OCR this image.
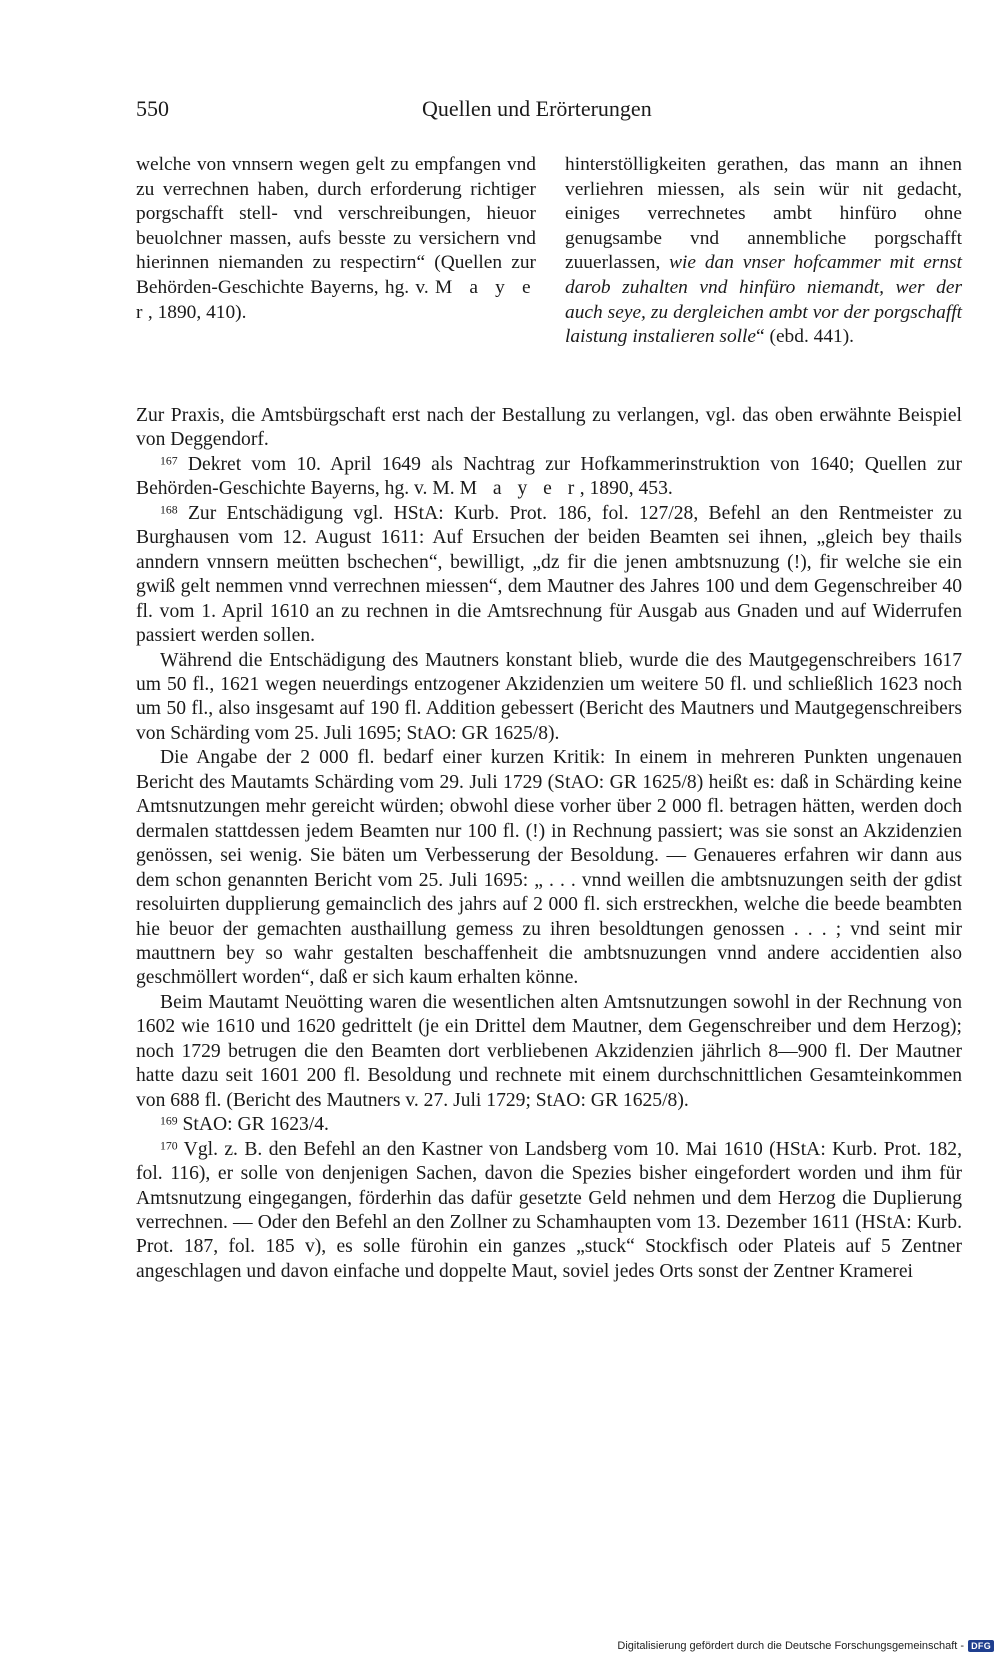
550	Quellen und Erörterungen

welche von vnnsern wegen gelt zu empfangen vnd zu verrechnen haben, durch erforderung richtiger porgschafft stell- vnd verschreibungen, hieuor beuolchner massen, aufs besste zu versichern vnd hierinnen niemanden zu respectirn“ (Quellen zur Behörden-Geschichte Bayerns, hg. v. M a y e r, 1890, 410).

hinterstölligkeiten gerathen, das mann an ihnen verliehren miessen, als sein wür nit gedacht, einiges verrechnetes ambt hinfüro ohne genugsambe vnd annembliche porgschafft zuuerlassen, wie dan vnser hofcammer mit ernst darob zuhalten vnd hinfüro niemandt, wer der auch seye, zu dergleichen ambt vor der porgschafft laistung instalieren solle“ (ebd. 441).

Zur Praxis, die Amtsbürgschaft erst nach der Bestallung zu verlangen, vgl. das oben erwähnte Beispiel von Deggendorf.

$^{167}$ Dekret vom 10. April 1649 als Nachtrag zur Hofkammerinstruktion von 1640; Quellen zur Behörden-Geschichte Bayerns, hg. v. M. M a y e r, 1890, 453.

$^{168}$ Zur Entschädigung vgl. HStA: Kurb. Prot. 186, fol. 127/28, Befehl an den Rentmeister zu Burghausen vom 12. August 1611: Auf Ersuchen der beiden Beamten sei ihnen, „gleich bey thails anndern vnnsern meütten bschechen“, bewilligt, „dz fir die jenen ambtsnuzung (!), fir welche sie ein gwiß gelt nemmen vnnd verrechnen miessen“, dem Mautner des Jahres 100 und dem Gegenschreiber 40 fl. vom 1. April 1610 an zu rechnen in die Amtsrechnung für Ausgab aus Gnaden und auf Widerrufen passiert werden sollen.

Während die Entschädigung des Mautners konstant blieb, wurde die des Mautgegenschreibers 1617 um 50 fl., 1621 wegen neuerdings entzogener Akzidenzien um weitere 50 fl. und schließlich 1623 noch um 50 fl., also insgesamt auf 190 fl. Addition gebessert (Bericht des Mautners und Mautgegenschreibers von Schärding vom 25. Juli 1695; StAO: GR 1625/8).

Die Angabe der 2 000 fl. bedarf einer kurzen Kritik: In einem in mehreren Punkten ungenauen Bericht des Mautamts Schärding vom 29. Juli 1729 (StAO: GR 1625/8) heißt es: daß in Schärding keine Amtsnutzungen mehr gereicht würden; obwohl diese vorher über 2 000 fl. betragen hätten, werden doch dermalen stattdessen jedem Beamten nur 100 fl. (!) in Rechnung passiert; was sie sonst an Akzidenzien genössen, sei wenig. Sie bäten um Verbesserung der Besoldung. — Genaueres erfahren wir dann aus dem schon genannten Bericht vom 25. Juli 1695: „ . . . vnnd weillen die ambtsnuzungen seith der gdist resoluirten dupplierung gemainclich des jahrs auf 2 000 fl. sich erstreckhen, welche die beede beambten hie beuor der gemachten austhaillung gemess zu ihren besoldtungen genossen . . . ; vnd seint mir mauttnern bey so wahr gestalten beschaffenheit die ambtsnuzungen vnnd andere accidentien also geschmöllert worden“, daß er sich kaum erhalten könne.

Beim Mautamt Neuötting waren die wesentlichen alten Amtsnutzungen sowohl in der Rechnung von 1602 wie 1610 und 1620 gedrittelt (je ein Drittel dem Mautner, dem Gegenschreiber und dem Herzog); noch 1729 betrugen die den Beamten dort verbliebenen Akzidenzien jährlich 8—900 fl. Der Mautner hatte dazu seit 1601 200 fl. Besoldung und rechnete mit einem durchschnittlichen Gesamteinkommen von 688 fl. (Bericht des Mautners v. 27. Juli 1729; StAO: GR 1625/8).

$^{169}$ StAO: GR 1623/4.

$^{170}$ Vgl. z. B. den Befehl an den Kastner von Landsberg vom 10. Mai 1610 (HStA: Kurb. Prot. 182, fol. 116), er solle von denjenigen Sachen, davon die Spezies bisher eingefordert worden und ihm für Amtsnutzung eingegangen, förderhin das dafür gesetzte Geld nehmen und dem Herzog die Duplierung verrechnen. — Oder den Befehl an den Zollner zu Schamhaupten vom 13. Dezember 1611 (HStA: Kurb. Prot. 187, fol. 185 v), es solle fürohin ein ganzes „stuck“ Stockfisch oder Plateis auf 5 Zentner angeschlagen und davon einfache und doppelte Maut, soviel jedes Orts sonst der Zentner Kramerei

Digitalisierung gefördert durch die Deutsche Forschungsgemeinschaft - DFG
